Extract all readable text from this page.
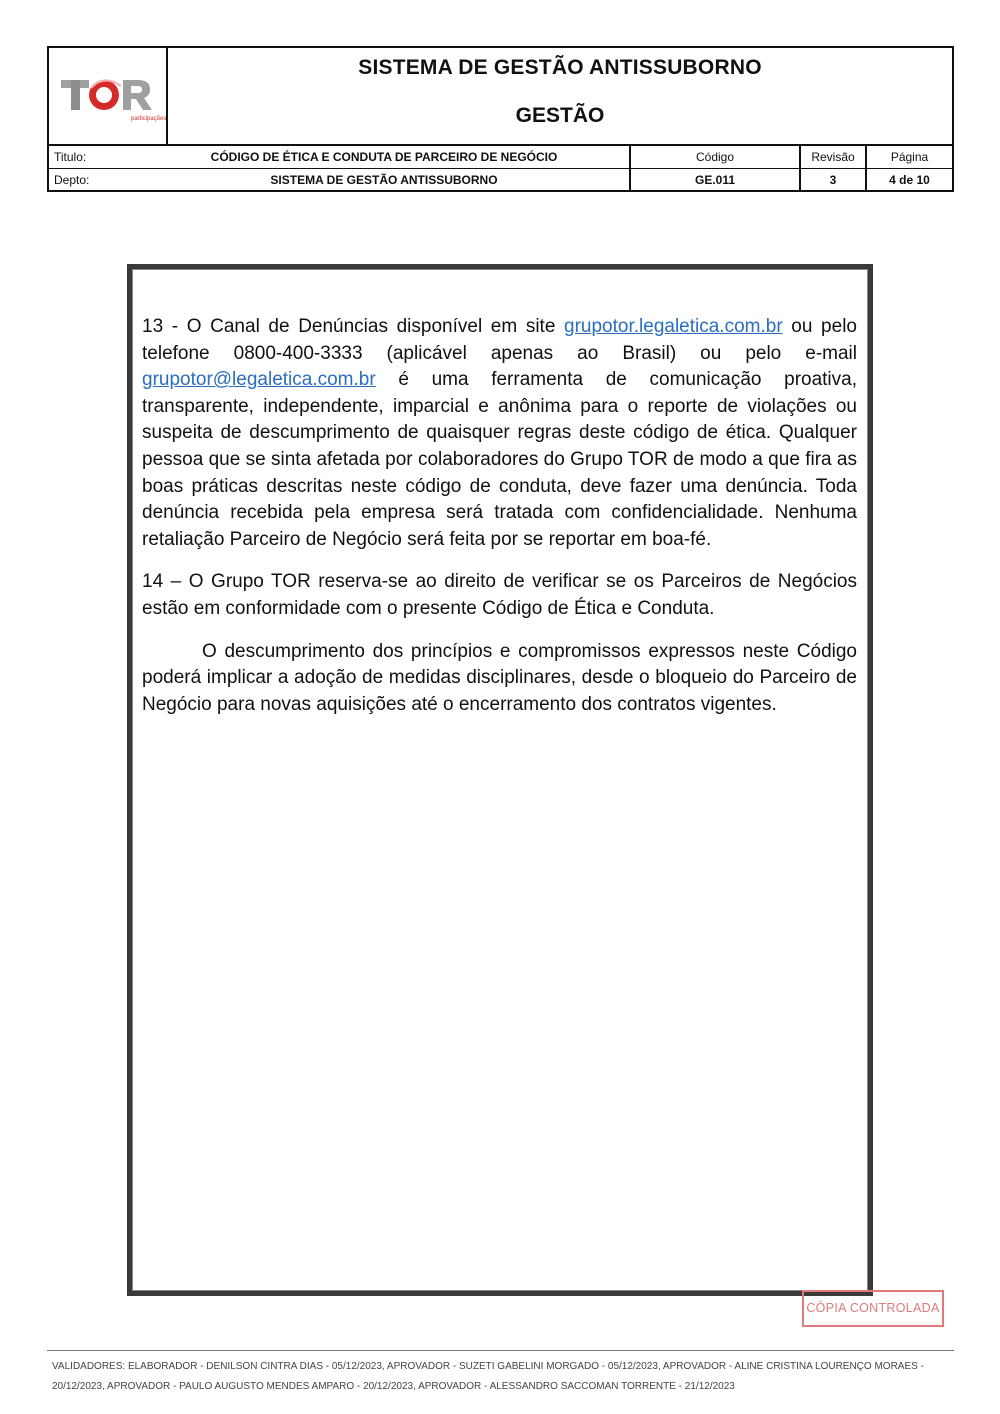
participações
SISTEMA DE GESTÃO ANTISSUBORNO
GESTÃO
Titulo:	CÓDIGO DE ÉTICA E CONDUTA DE PARCEIRO DE NEGÓCIO	Código	Revisão	Página
Depto:	SISTEMA DE GESTÃO ANTISSUBORNO	GE.011	3	4 de 10

13 - O Canal de Denúncias disponível em site grupotor.legaletica.com.br ou pelo telefone 0800-400-3333 (aplicável apenas ao Brasil) ou pelo e-mail grupotor@legaletica.com.br é uma ferramenta de comunicação proativa, transparente, independente, imparcial e anônima para o reporte de violações ou suspeita de descumprimento de quaisquer regras deste código de ética. Qualquer pessoa que se sinta afetada por colaboradores do Grupo TOR de modo a que fira as boas práticas descritas neste código de conduta, deve fazer uma denúncia. Toda denúncia recebida pela empresa será tratada com confidencialidade. Nenhuma retaliação Parceiro de Negócio será feita por se reportar em boa-fé.

14 – O Grupo TOR reserva-se ao direito de verificar se os Parceiros de Negócios estão em conformidade com o presente Código de Ética e Conduta.

O descumprimento dos princípios e compromissos expressos neste Código poderá implicar a adoção de medidas disciplinares, desde o bloqueio do Parceiro de Negócio para novas aquisições até o encerramento dos contratos vigentes.

CÓPIA CONTROLADA
VALIDADORES: ELABORADOR - DENILSON CINTRA DIAS - 05/12/2023, APROVADOR - SUZETI GABELINI MORGADO - 05/12/2023, APROVADOR - ALINE CRISTINA LOURENÇO MORAES -
20/12/2023, APROVADOR - PAULO AUGUSTO MENDES AMPARO - 20/12/2023, APROVADOR - ALESSANDRO SACCOMAN TORRENTE - 21/12/2023
